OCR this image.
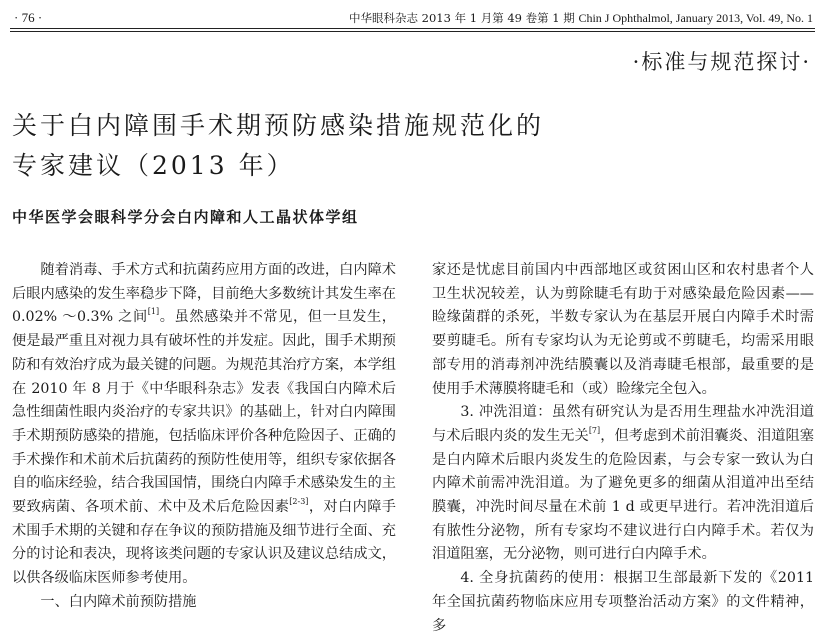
· 76 ·	中华眼科杂志 2013 年 1 月第 49 卷第 1 期 Chin J Ophthalmol, January 2013, Vol. 49, No. 1
·标准与规范探讨·
关于白内障围手术期预防感染措施规范化的
专家建议（2013 年）
中华医学会眼科学分会白内障和人工晶状体学组

随着消毒、手术方式和抗菌药应用方面的改进，白内障术后眼内感染的发生率稳步下降，目前绝大多数统计其发生率在 0.02% ～0.3% 之间[1]。虽然感染并不常见，但一旦发生，便是最严重且对视力具有破坏性的并发症。因此，围手术期预防和有效治疗成为最关键的问题。为规范其治疗方案，本学组在 2010 年 8 月于《中华眼科杂志》发表《我国白内障术后急性细菌性眼内炎治疗的专家共识》的基础上，针对白内障围手术期预防感染的措施，包括临床评价各种危险因子、正确的手术操作和术前术后抗菌药的预防性使用等，组织专家依据各自的临床经验，结合我国国情，围绕白内障手术感染发生的主要致病菌、各项术前、术中及术后危险因素[2-3]，对白内障手术围手术期的关键和存在争议的预防措施及细节进行全面、充分的讨论和表决，现将该类问题的专家认识及建议总结成文，以供各级临床医师参考使用。

一、白内障术前预防措施

家还是忧虑目前国内中西部地区或贫困山区和农村患者个人卫生状况较差，认为剪除睫毛有助于对感染最危险因素——睑缘菌群的杀死，半数专家认为在基层开展白内障手术时需要剪睫毛。所有专家均认为无论剪或不剪睫毛，均需采用眼部专用的消毒剂冲洗结膜囊以及消毒睫毛根部，最重要的是使用手术薄膜将睫毛和（或）睑缘完全包入。

3. 冲洗泪道：虽然有研究认为是否用生理盐水冲洗泪道与术后眼内炎的发生无关[7]，但考虑到术前泪囊炎、泪道阻塞是白内障术后眼内炎发生的危险因素，与会专家一致认为白内障术前需冲洗泪道。为了避免更多的细菌从泪道冲出至结膜囊，冲洗时间尽量在术前 1 d 或更早进行。若冲洗泪道后有脓性分泌物，所有专家均不建议进行白内障手术。若仅为泪道阻塞，无分泌物，则可进行白内障手术。

4. 全身抗菌药的使用：根据卫生部最新下发的《2011 年全国抗菌药物临床应用专项整治活动方案》的文件精神，多
